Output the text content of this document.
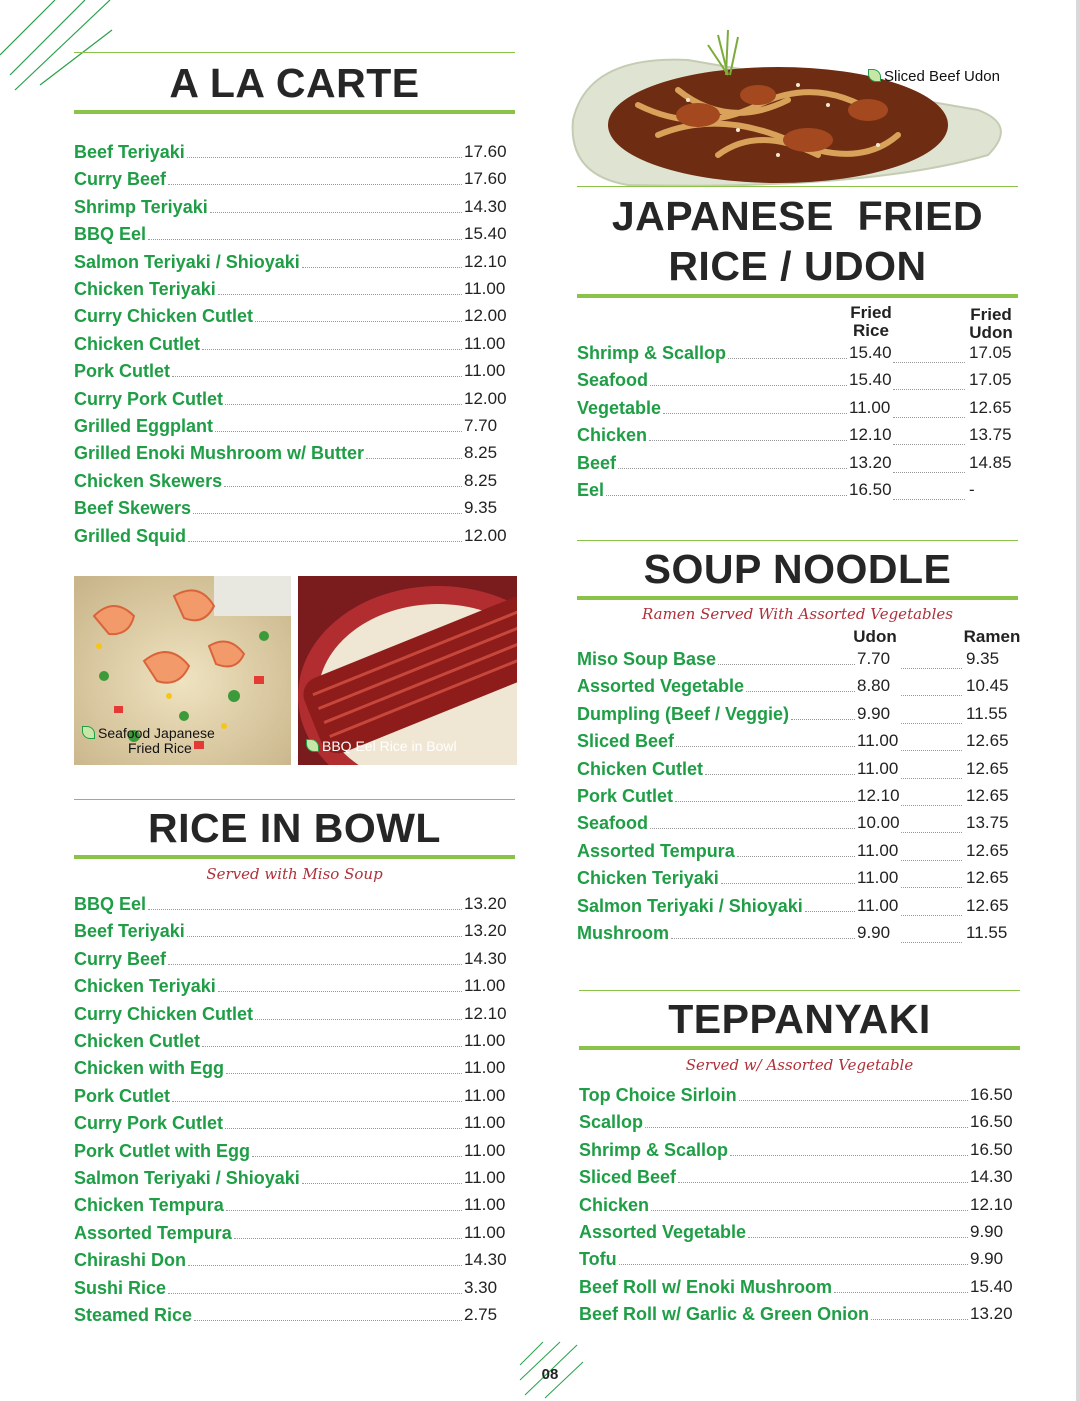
A LA CARTE
Beef Teriyaki	17.60
Curry Beef	17.60
Shrimp Teriyaki	14.30
BBQ Eel	15.40
Salmon Teriyaki / Shioyaki	12.10
Chicken Teriyaki	11.00
Curry Chicken Cutlet	12.00
Chicken Cutlet	11.00
Pork Cutlet	11.00
Curry Pork Cutlet	12.00
Grilled Eggplant	7.70
Grilled Enoki Mushroom w/ Butter	8.25
Chicken Skewers	8.25
Beef Skewers	9.35
Grilled Squid	12.00
Seafood Japanese
Fried Rice	BBQ Eel Rice in Bowl
RICE IN BOWL
Served with Miso Soup
BBQ Eel	13.20
Beef Teriyaki	13.20
Curry Beef	14.30
Chicken Teriyaki	11.00
Curry Chicken Cutlet	12.10
Chicken Cutlet	11.00
Chicken with Egg	11.00
Pork Cutlet	11.00
Curry Pork Cutlet	11.00
Pork Cutlet with Egg	11.00
Salmon Teriyaki / Shioyaki	11.00
Chicken Tempura	11.00
Assorted Tempura	11.00
Chirashi Don	14.30
Sushi Rice	3.30
Steamed Rice	2.75
Sliced Beef Udon
JAPANESE  FRIED
RICE / UDON
Fried
Rice
Fried
Udon
Shrimp & Scallop	15.40	17.05
Seafood	15.40	17.05
Vegetable	11.00	12.65
Chicken	12.10	13.75
Beef	13.20	14.85
Eel	16.50	-
SOUP NOODLE
Ramen Served With Assorted Vegetables
Udon	Ramen
Miso Soup Base	7.70	9.35
Assorted Vegetable	8.80	10.45
Dumpling (Beef / Veggie)	9.90	11.55
Sliced Beef	11.00	12.65
Chicken Cutlet	11.00	12.65
Pork Cutlet	12.10	12.65
Seafood	10.00	13.75
Assorted Tempura	11.00	12.65
Chicken Teriyaki	11.00	12.65
Salmon Teriyaki / Shioyaki	11.00	12.65
Mushroom	9.90	11.55
TEPPANYAKI
Served w/ Assorted Vegetable
Top Choice Sirloin	16.50
Scallop	16.50
Shrimp & Scallop	16.50
Sliced Beef	14.30
Chicken	12.10
Assorted Vegetable	9.90
Tofu	9.90
Beef Roll w/ Enoki Mushroom	15.40
Beef Roll w/ Garlic & Green Onion	13.20
08
